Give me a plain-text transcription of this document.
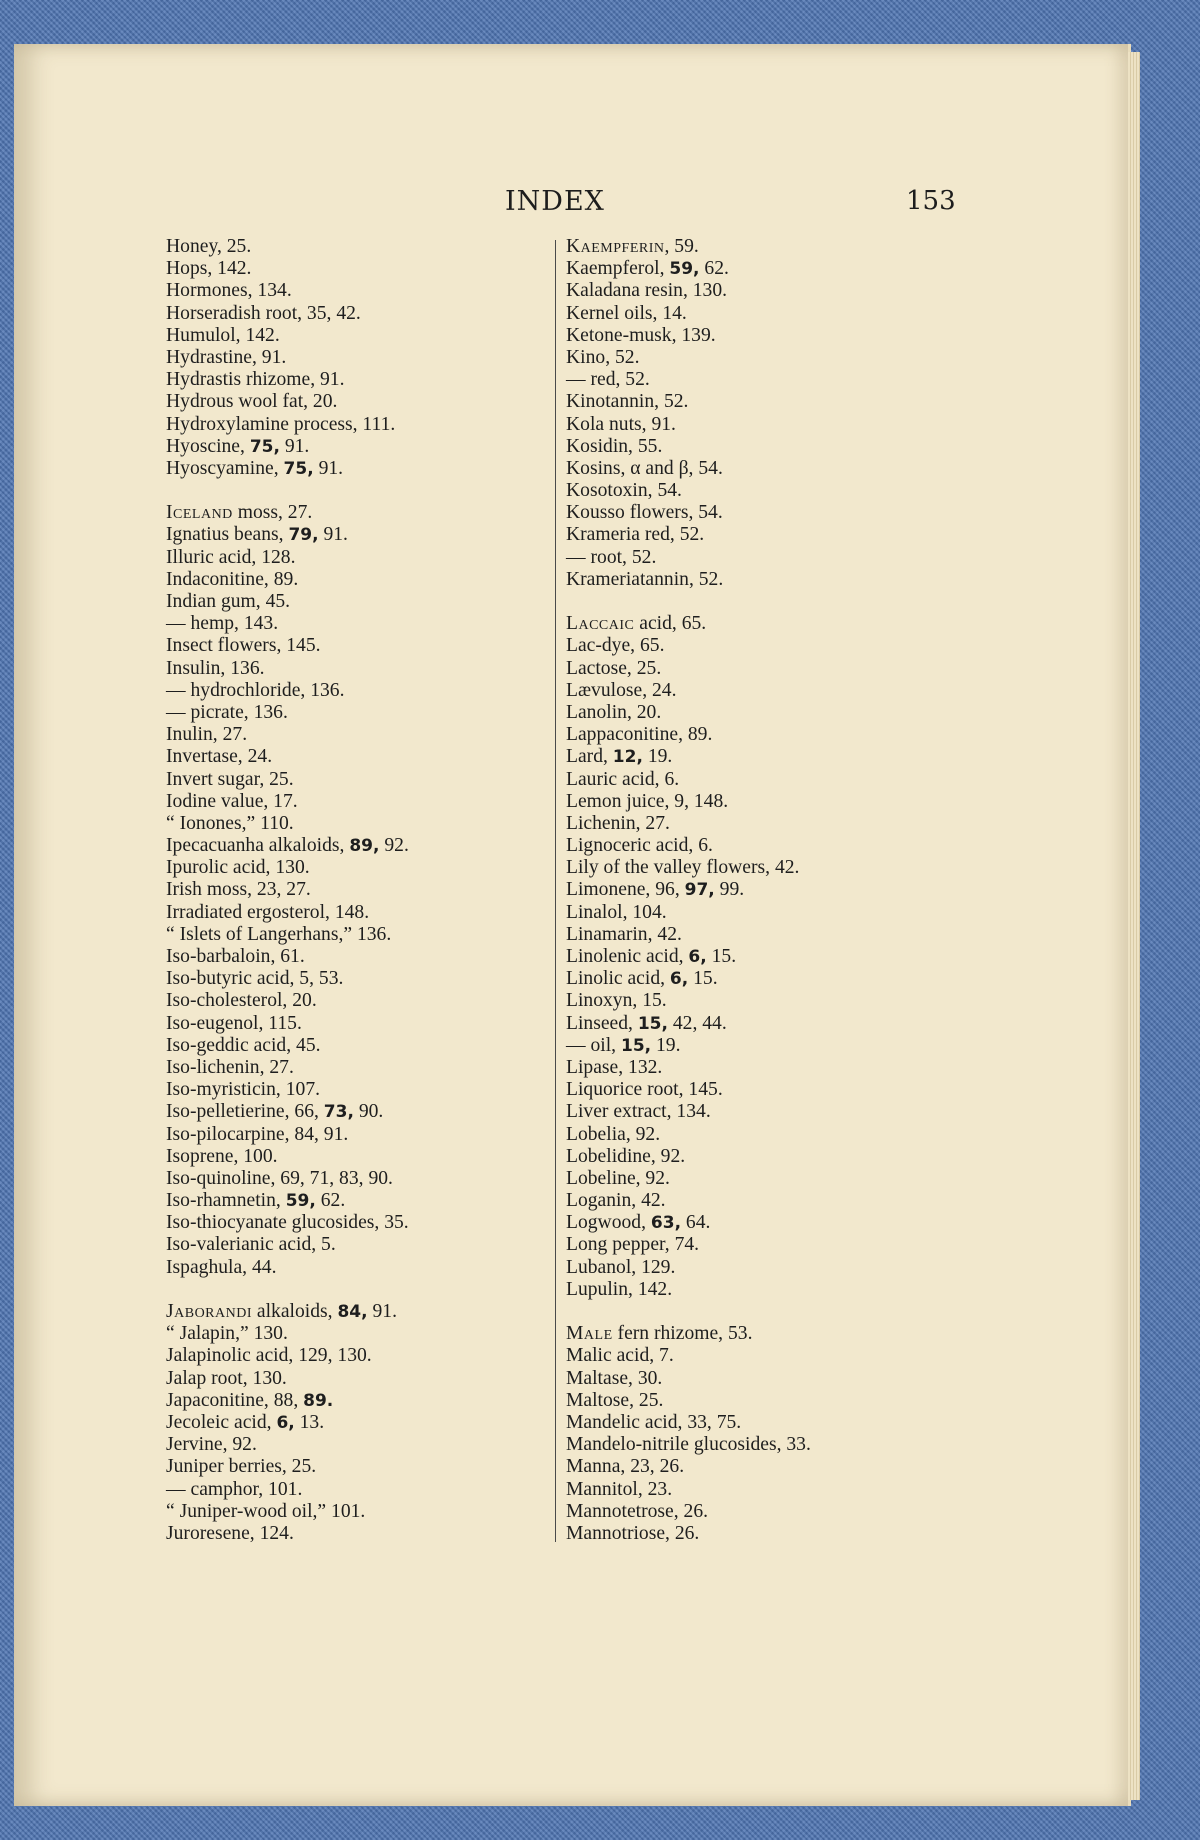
INDEX	153
Honey, 25.
Hops, 142.
Hormones, 134.
Horseradish root, 35, 42.
Humulol, 142.
Hydrastine, 91.
Hydrastis rhizome, 91.
Hydrous wool fat, 20.
Hydroxylamine process, 111.
Hyoscine, 75, 91.
Hyoscyamine, 75, 91.
Iceland moss, 27.
Ignatius beans, 79, 91.
Illuric acid, 128.
Indaconitine, 89.
Indian gum, 45.
— hemp, 143.
Insect flowers, 145.
Insulin, 136.
— hydrochloride, 136.
— picrate, 136.
Inulin, 27.
Invertase, 24.
Invert sugar, 25.
Iodine value, 17.
“ Ionones,” 110.
Ipecacuanha alkaloids, 89, 92.
Ipurolic acid, 130.
Irish moss, 23, 27.
Irradiated ergosterol, 148.
“ Islets of Langerhans,” 136.
Iso-barbaloin, 61.
Iso-butyric acid, 5, 53.
Iso-cholesterol, 20.
Iso-eugenol, 115.
Iso-geddic acid, 45.
Iso-lichenin, 27.
Iso-myristicin, 107.
Iso-pelletierine, 66, 73, 90.
Iso-pilocarpine, 84, 91.
Isoprene, 100.
Iso-quinoline, 69, 71, 83, 90.
Iso-rhamnetin, 59, 62.
Iso-thiocyanate glucosides, 35.
Iso-valerianic acid, 5.
Ispaghula, 44.
Jaborandi alkaloids, 84, 91.
“ Jalapin,” 130.
Jalapinolic acid, 129, 130.
Jalap root, 130.
Japaconitine, 88, 89.
Jecoleic acid, 6, 13.
Jervine, 92.
Juniper berries, 25.
— camphor, 101.
“ Juniper-wood oil,” 101.
Juroresene, 124.
Kaempferin, 59.
Kaempferol, 59, 62.
Kaladana resin, 130.
Kernel oils, 14.
Ketone-musk, 139.
Kino, 52.
— red, 52.
Kinotannin, 52.
Kola nuts, 91.
Kosidin, 55.
Kosins, α and β, 54.
Kosotoxin, 54.
Kousso flowers, 54.
Krameria red, 52.
— root, 52.
Krameriatannin, 52.
Laccaic acid, 65.
Lac-dye, 65.
Lactose, 25.
Lævulose, 24.
Lanolin, 20.
Lappaconitine, 89.
Lard, 12, 19.
Lauric acid, 6.
Lemon juice, 9, 148.
Lichenin, 27.
Lignoceric acid, 6.
Lily of the valley flowers, 42.
Limonene, 96, 97, 99.
Linalol, 104.
Linamarin, 42.
Linolenic acid, 6, 15.
Linolic acid, 6, 15.
Linoxyn, 15.
Linseed, 15, 42, 44.
— oil, 15, 19.
Lipase, 132.
Liquorice root, 145.
Liver extract, 134.
Lobelia, 92.
Lobelidine, 92.
Lobeline, 92.
Loganin, 42.
Logwood, 63, 64.
Long pepper, 74.
Lubanol, 129.
Lupulin, 142.
Male fern rhizome, 53.
Malic acid, 7.
Maltase, 30.
Maltose, 25.
Mandelic acid, 33, 75.
Mandelo-nitrile glucosides, 33.
Manna, 23, 26.
Mannitol, 23.
Mannotetrose, 26.
Mannotriose, 26.
